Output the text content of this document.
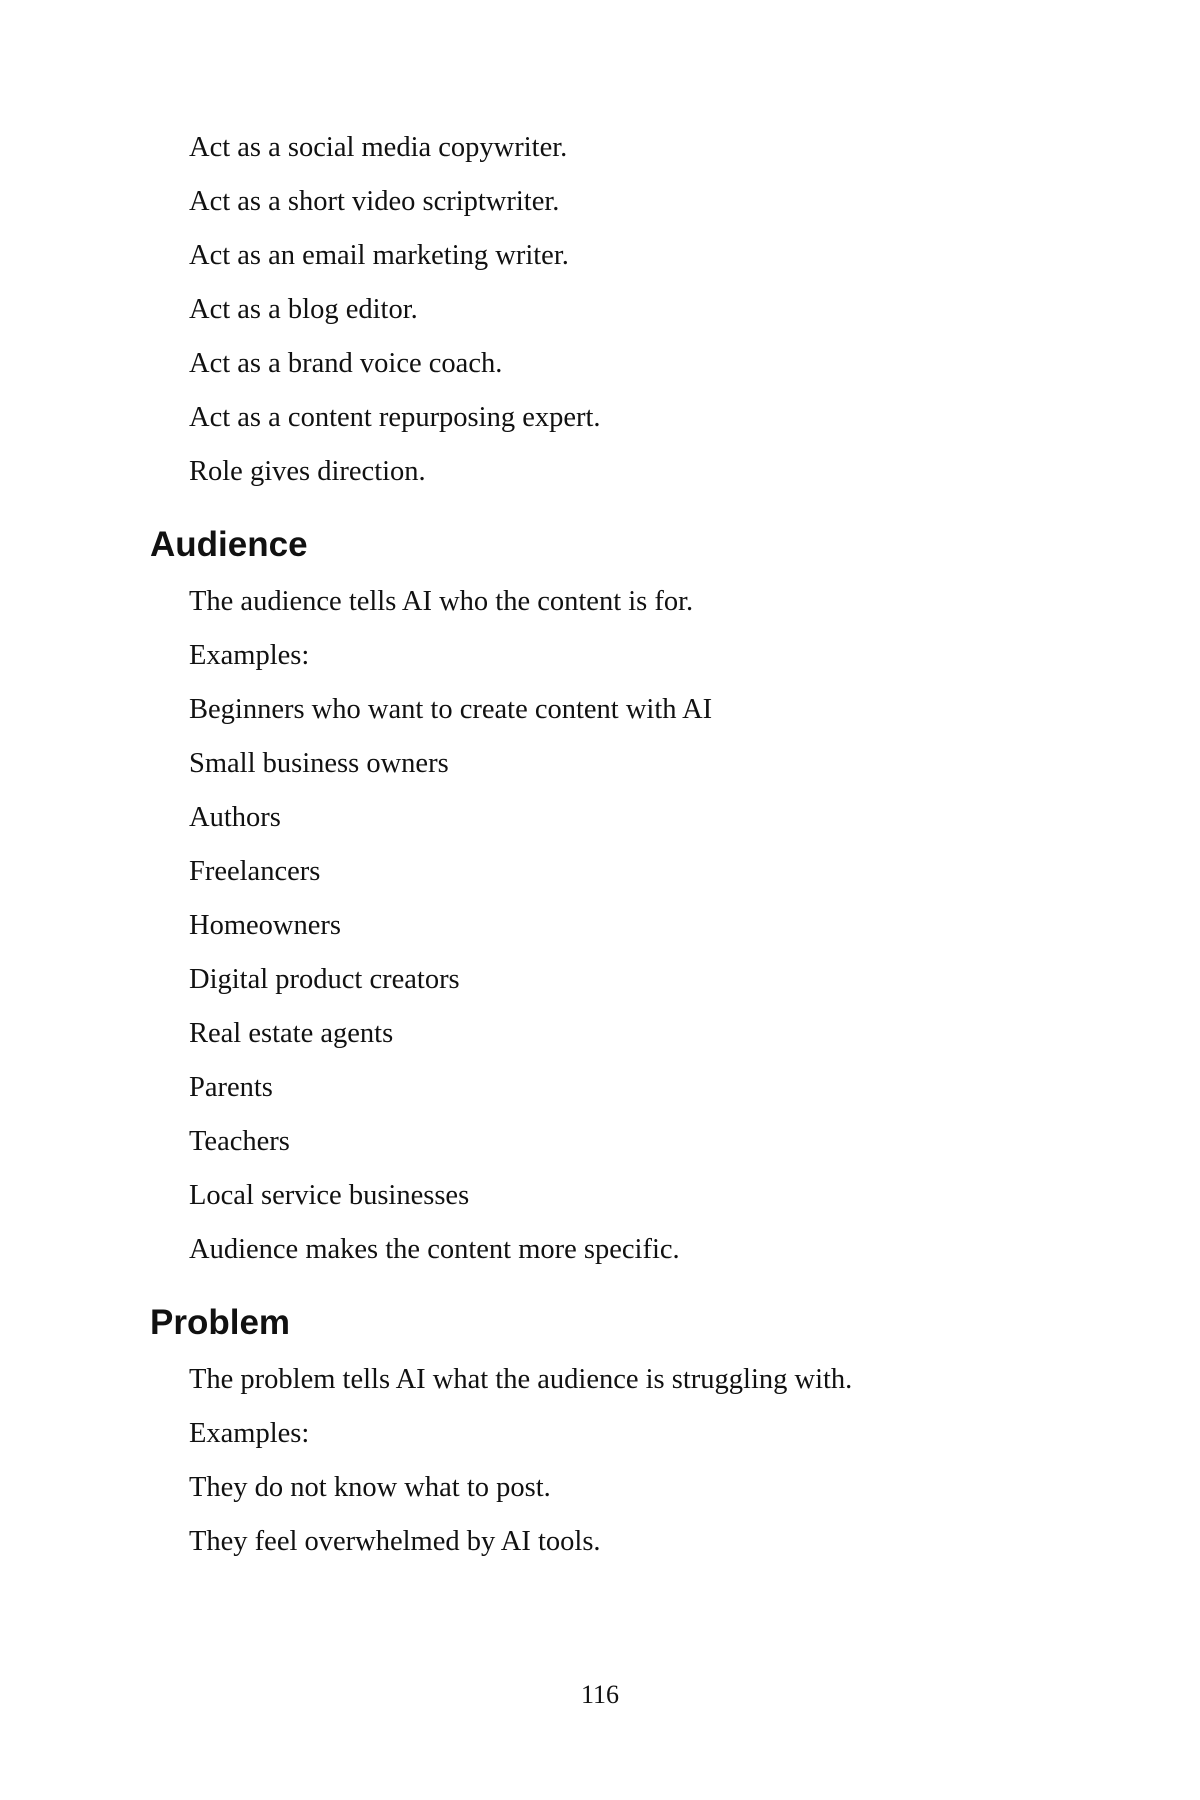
Act as a social media copywriter.

Act as a short video scriptwriter.

Act as an email marketing writer.

Act as a blog editor.

Act as a brand voice coach.

Act as a content repurposing expert.

Role gives direction.

Audience

The audience tells AI who the content is for.

Examples:

Beginners who want to create content with AI

Small business owners

Authors

Freelancers

Homeowners

Digital product creators

Real estate agents

Parents

Teachers

Local service businesses

Audience makes the content more specific.

Problem

The problem tells AI what the audience is struggling with.

Examples:

They do not know what to post.

They feel overwhelmed by AI tools.

116
